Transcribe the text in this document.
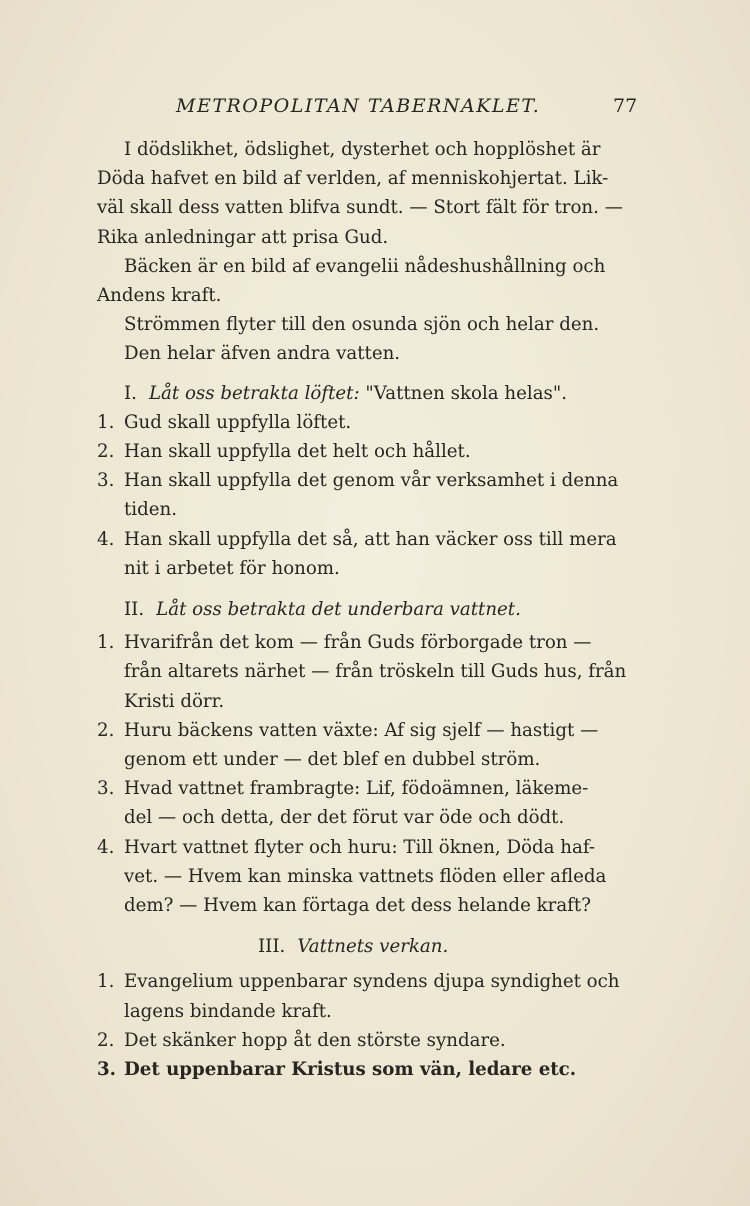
METROPOLITAN TABERNAKLET.	77
I dödslikhet, ödslighet, dysterhet och hopplöshet är
Döda hafvet en bild af verlden, af menniskohjertat. Lik-
väl skall dess vatten blifva sundt. — Stort fält för tron. —
Rika anledningar att prisa Gud.
Bäcken är en bild af evangelii nådeshushållning och
Andens kraft.
Strömmen flyter till den osunda sjön och helar den.
Den helar äfven andra vatten.
I. Låt oss betrakta löftet: "Vattnen skola helas".
1. Gud skall uppfylla löftet.
2. Han skall uppfylla det helt och hållet.
3. Han skall uppfylla det genom vår verksamhet i denna
tiden.
4. Han skall uppfylla det så, att han väcker oss till mera
nit i arbetet för honom.
II. Låt oss betrakta det underbara vattnet.
1. Hvarifrån det kom — från Guds förborgade tron —
från altarets närhet — från tröskeln till Guds hus, från
Kristi dörr.
2. Huru bäckens vatten växte: Af sig sjelf — hastigt —
genom ett under — det blef en dubbel ström.
3. Hvad vattnet frambragte: Lif, födoämnen, läkeme-
del — och detta, der det förut var öde och dödt.
4. Hvart vattnet flyter och huru: Till öknen, Döda haf-
vet. — Hvem kan minska vattnets flöden eller afleda
dem? — Hvem kan förtaga det dess helande kraft?
III. Vattnets verkan.
1. Evangelium uppenbarar syndens djupa syndighet och
lagens bindande kraft.
2. Det skänker hopp åt den störste syndare.
3. Det uppenbarar Kristus som vän, ledare etc.
